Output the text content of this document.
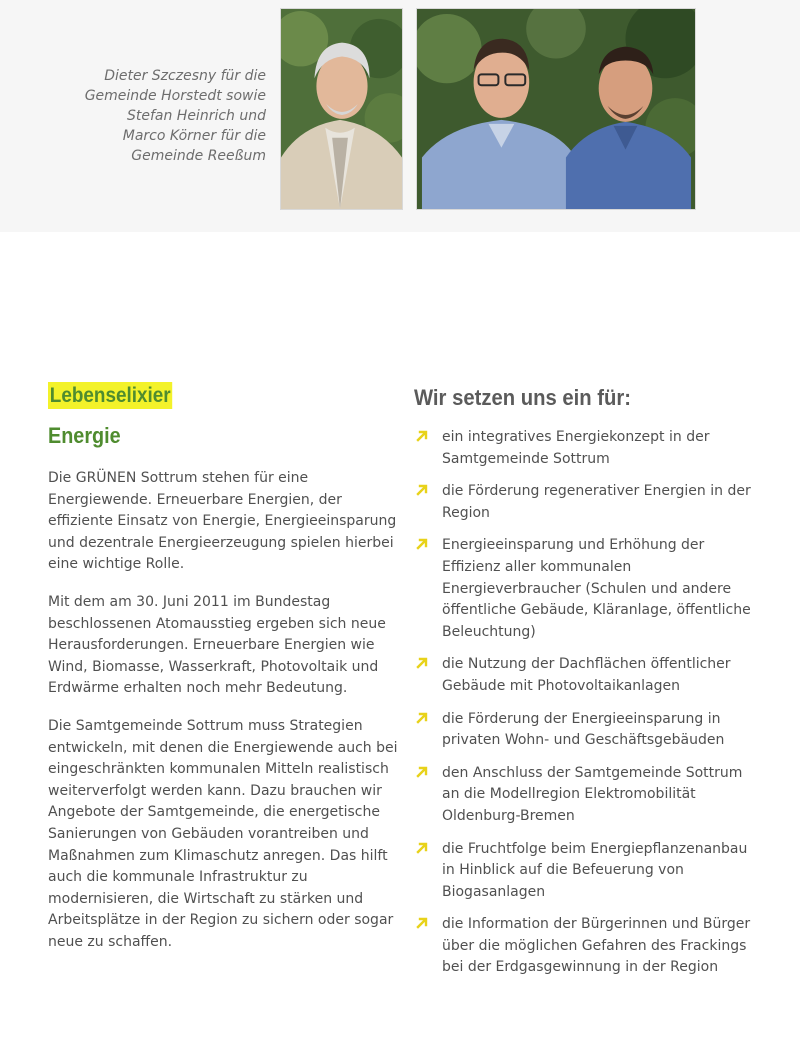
Dieter Szczesny für die
Gemeinde Horstedt sowie
Stefan Heinrich und
Marco Körner für die
Gemeinde Reeßum
Lebenselixier
Energie

Die GRÜNEN Sottrum stehen für eine Energiewende. Erneuerbare Energien, der effiziente Einsatz von Energie, Energieeinsparung und dezentrale Energieerzeugung spielen hierbei eine wichtige Rolle.

Mit dem am 30. Juni 2011 im Bundestag beschlossenen Atomausstieg ergeben sich neue Herausforderungen. Erneuerbare Energien wie Wind, Biomasse, Wasserkraft, Photovoltaik und Erdwärme erhalten noch mehr Bedeutung.

Die Samtgemeinde Sottrum muss Strategien entwickeln, mit denen die Energiewende auch bei eingeschränkten kommunalen Mitteln realistisch weiterverfolgt werden kann. Dazu brauchen wir Angebote der Samtgemeinde, die energetische Sanierungen von Gebäuden vorantreiben und Maßnahmen zum Klimaschutz anregen. Das hilft auch die kommunale Infrastruktur zu modernisieren, die Wirtschaft zu stärken und Arbeitsplätze in der Region zu sichern oder sogar neue zu schaffen.

Wir setzen uns ein für:
ein integratives Energiekonzept in der Samtgemeinde Sottrum
die Förderung regenerativer Energien in der Region
Energieeinsparung und Erhöhung der Effizienz aller kommunalen Energieverbraucher (Schulen und andere öffentliche Gebäude, Kläranlage, öffentliche Beleuchtung)
die Nutzung der Dachflächen öffentlicher Gebäude mit Photovoltaikanlagen
die Förderung der Energieeinsparung in privaten Wohn- und Geschäftsgebäuden
den Anschluss der Samtgemeinde Sottrum an die Modellregion Elektromobilität Oldenburg-Bremen
die Fruchtfolge beim Energiepflanzenanbau in Hinblick auf die Befeuerung von Biogasanlagen
die Information der Bürgerinnen und Bürger über die möglichen Gefahren des Frackings bei der Erdgasgewinnung in der Region
